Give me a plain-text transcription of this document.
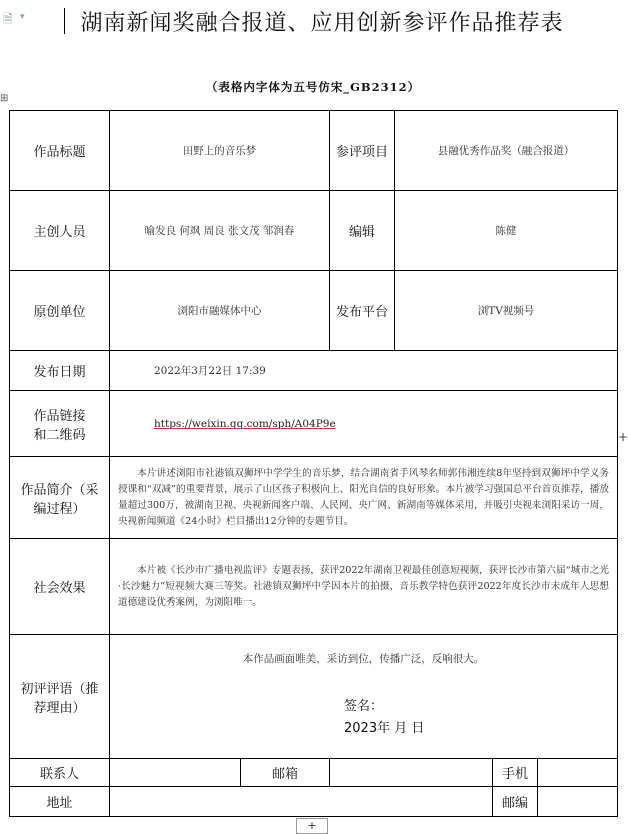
🗎 ▾	湖南新闻奖融合报道、应用创新参评作品推荐表
（表格内字体为五号仿宋_GB2312）
⊞
作品标题	田野上的音乐梦		参评项目	县融优秀作品奖（融合报道）		
主创人员	喻发良 何飒 周良 张文茂 邹润春		编辑	陈健		
原创单位	浏阳市融媒体中心		发布平台	浏TV视频号		
发布日期	2022年3月22日 17:39					
作品链接和二维码	https://weixin.qq.com/sph/A04P9e					
作品简介（采编过程）	本片讲述浏阳市社港镇双狮坪中学学生的音乐梦，结合湖南省手风琴名师郭伟湘连续8年坚持到双狮坪中学义务授课和“双减”的重要背景，展示了山区孩子积极向上、阳光自信的良好形象。本片被学习强国总平台首页推荐，播放量超过300万，被湖南卫视、央视新闻客户端、人民网、央广网、新湖南等媒体采用，并吸引央视来浏阳采访一周，央视新闻频道《24小时》栏目播出12分钟的专题节目。					
社会效果	本片被《长沙市广播电视监评》专题表扬，获评2022年湖南卫视最佳创意短视频，获评长沙市第六届“城市之光·长沙魅力”短视频大赛三等奖。社港镇双狮坪中学因本片的拍摄，音乐教学特色获评2022年度长沙市未成年人思想道德建设优秀案例，为浏阳唯一。					
初评评语（推荐理由）	本作品画面唯美，采访到位，传播广泛，反响很大。
签名：
2023年 月 日					

联系人		邮箱			手机	
地址					邮编	
+
+
